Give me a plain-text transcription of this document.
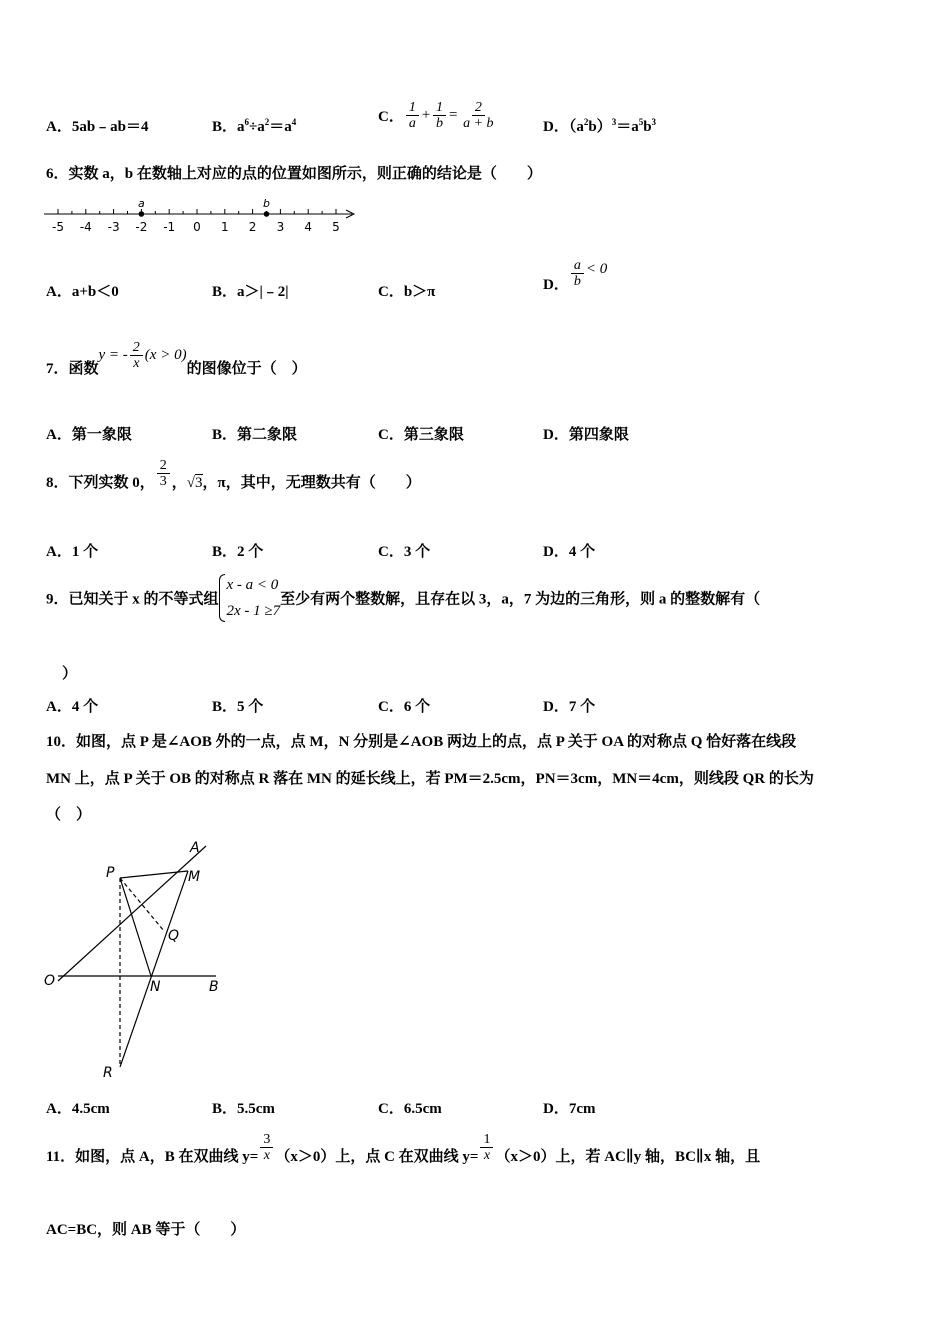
A．5ab﹣ab＝4	B．$a^6\div a^2=a^4$	C． $\frac{1}{a} + \frac{1}{b} = \frac{2}{a + b}$	D．$(a^2b)^3=a^5b^3$
6．实数 a，b 在数轴上对应的点的位置如图所示，则正确的结论是（　　）
-5 -4 -3 -2 -1 0 1 2 3 4 5
a	b
A．a+b＜0	B．a＞|﹣2|	C．b＞π	D． $\frac{a}{b} < 0$
7．函数y = - $\frac{2}{x} (x > 0)$的图像位于（　）
A．第一象限	B．第二象限	C．第三象限	D．第四象限
8．下列实数 0， $\frac{2}{3}$ ，√3，π，其中，无理数共有（　　）
A．1 个	B．2 个	C．3 个	D．4 个
9．已知关于 x 的不等式组x - a < 0
2x - 1 ≥7至少有两个整数解，且存在以 3，a，7 为边的三角形，则 a 的整数解有（
）
A．4 个	B．5 个	C．6 个	D．7 个
10．如图，点 P 是∠AOB 外的一点，点 M，N 分别是∠AOB 两边上的点，点 P 关于 OA 的对称点 Q 恰好落在线段
MN 上，点 P 关于 OB 的对称点 R 落在 MN 的延长线上，若 PM＝2.5cm，PN＝3cm，MN＝4cm，则线段 QR 的长为
（　）
A
P	M
Q
O	N	B
R
A．4.5cm	B．5.5cm	C．6.5cm	D．7cm
11．如图，点 A，B 在双曲线 $y= \frac{3}{x} (x>0)$上，点 C 在双曲线 $y= \frac{1}{x} (x>0)$上，若 AC∥y 轴，BC∥x 轴，且
AC=BC，则 AB 等于（　　）
